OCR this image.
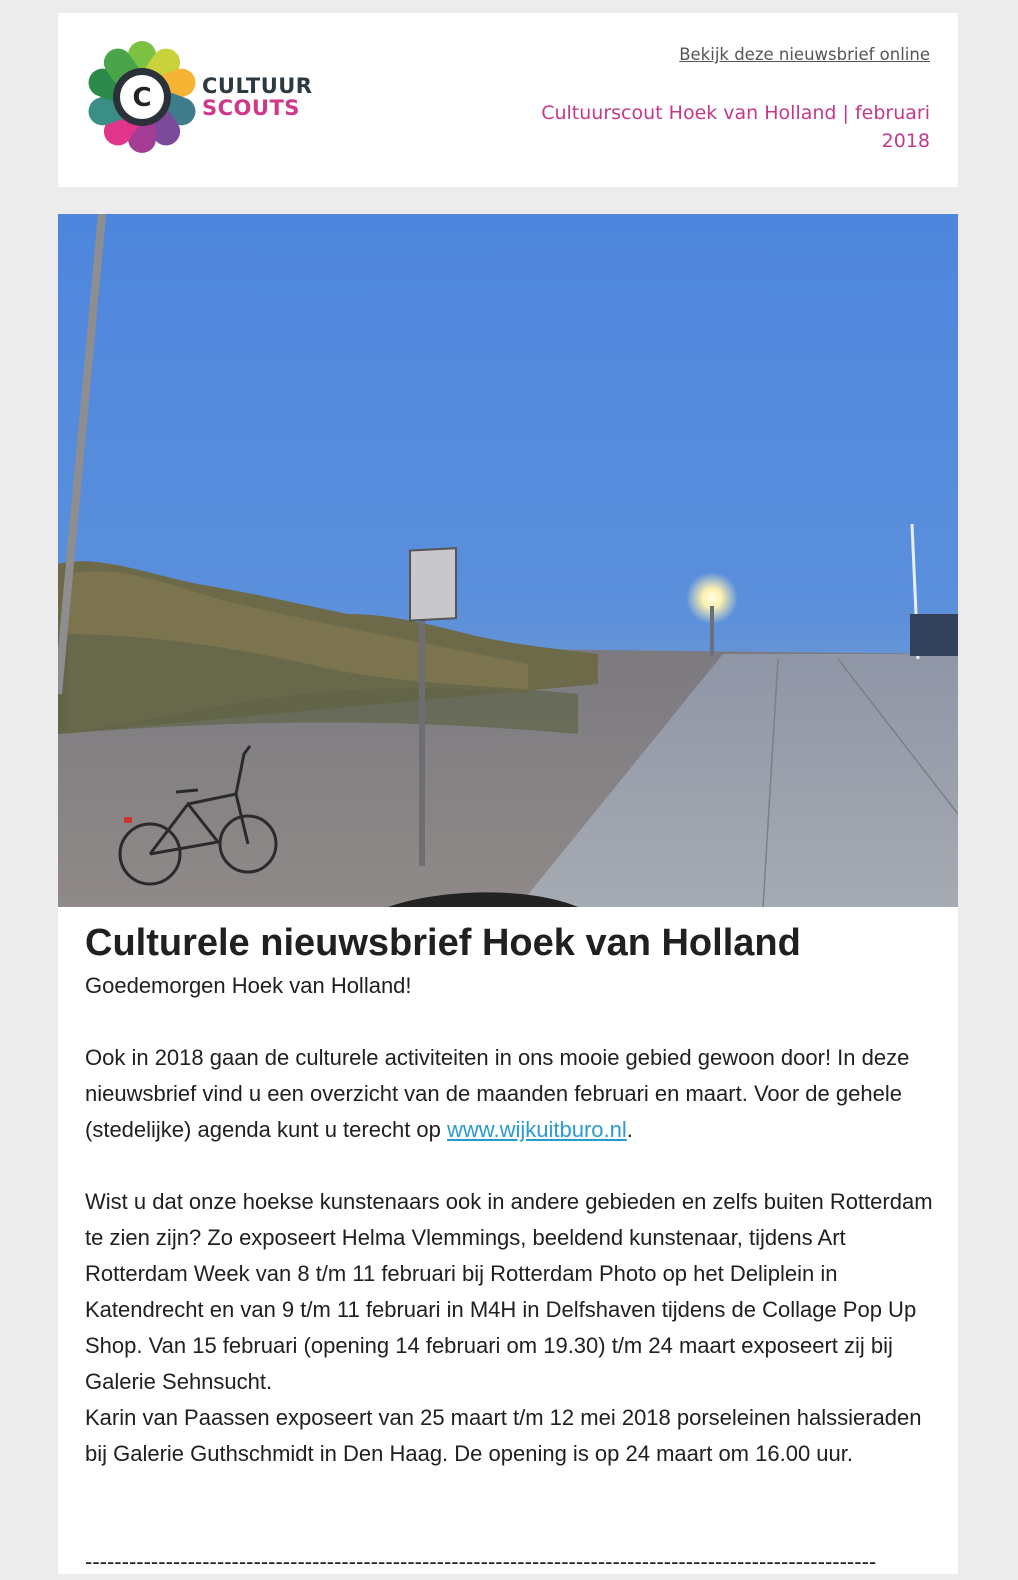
C CULTUUR
SCOUTS
Bekijk deze nieuwsbrief online
Cultuurscout Hoek van Holland | februari 2018
Culturele nieuwsbrief Hoek van Holland

Goedemorgen Hoek van Holland!

Ook in 2018 gaan de culturele activiteiten in ons mooie gebied gewoon door! In deze nieuwsbrief vind u een overzicht van de maanden februari en maart. Voor de gehele (stedelijke) agenda kunt u terecht op www.wijkuitburo.nl.

Wist u dat onze hoekse kunstenaars ook in andere gebieden en zelfs buiten Rotterdam te zien zijn? Zo exposeert Helma Vlemmings, beeldend kunstenaar, tijdens Art Rotterdam Week van 8 t/m 11 februari bij Rotterdam Photo op het Deliplein in Katendrecht en van 9 t/m 11 februari in M4H in Delfshaven tijdens de Collage Pop Up Shop. Van 15 februari (opening 14 februari om 19.30) t/m 24 maart exposeert zij bij Galerie Sehnsucht.

Karin van Paassen exposeert van 25 maart t/m 12 mei 2018 porseleinen halssieraden bij Galerie Guthschmidt in Den Haag. De opening is op 24 maart om 16.00 uur.

------------------------------------------------------------------------------------------------------------
